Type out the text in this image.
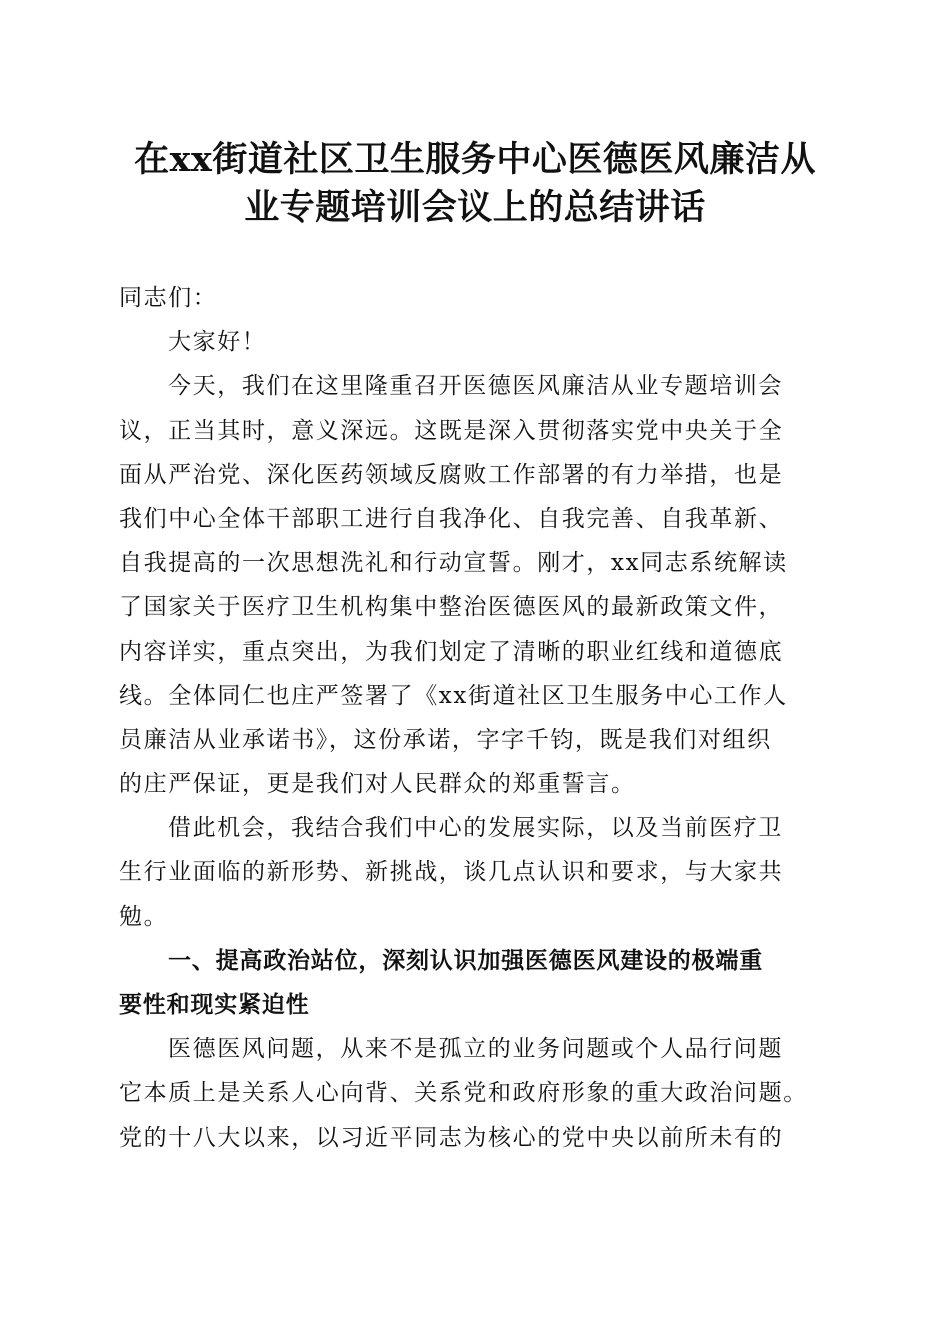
在xx街道社区卫生服务中心医德医风廉洁从
业专题培训会议上的总结讲话
同志们：
大家好！
今天，我们在这里隆重召开医德医风廉洁从业专题培训会
议，正当其时，意义深远。这既是深入贯彻落实党中央关于全
面从严治党、深化医药领域反腐败工作部署的有力举措，也是
我们中心全体干部职工进行自我净化、自我完善、自我革新、
自我提高的一次思想洗礼和行动宣誓。刚才，xx同志系统解读
了国家关于医疗卫生机构集中整治医德医风的最新政策文件，
内容详实，重点突出，为我们划定了清晰的职业红线和道德底
线。全体同仁也庄严签署了《xx街道社区卫生服务中心工作人
员廉洁从业承诺书》，这份承诺，字字千钧，既是我们对组织
的庄严保证，更是我们对人民群众的郑重誓言。
借此机会，我结合我们中心的发展实际，以及当前医疗卫
生行业面临的新形势、新挑战，谈几点认识和要求，与大家共
勉。
一、提高政治站位，深刻认识加强医德医风建设的极端重
要性和现实紧迫性
医德医风问题，从来不是孤立的业务问题或个人品行问题
它本质上是关系人心向背、关系党和政府形象的重大政治问题。
党的十八大以来，以习近平同志为核心的党中央以前所未有的
